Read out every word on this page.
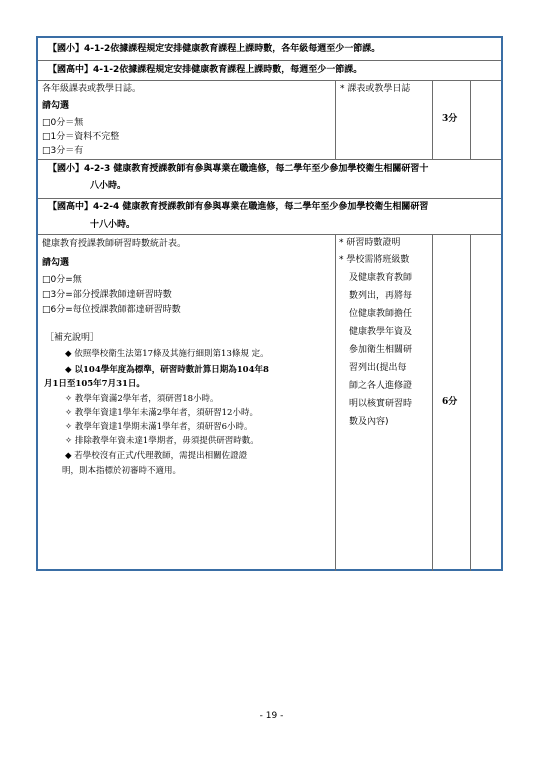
【國小】4-1-2依據課程規定安排健康教育課程上課時數，各年級每週至少一節課。
【國高中】4-1-2依據課程規定安排健康教育課程上課時數，每週至少一節課。
各年級課表或教學日誌。	* 課表或教學日誌
3分
請勾選
□0分＝無
□1分＝資料不完整
□3分＝有
【國小】4-2-3 健康教育授課教師有參與專業在職進修，每二學年至少參加學校衛生相關研習十
八小時。
【國高中】4-2-4 健康教育授課教師有參與專業在職進修，每二學年至少參加學校衛生相關研習
十八小時。
健康教育授課教師研習時數統計表。
請勾選
□0分=無
□3分=部分授課教師達研習時數
□6分=每位授課教師都達研習時數
［補充說明］
◆ 依照學校衛生法第17條及其施行細則第13條規 定。
◆ 以104學年度為標準，研習時數計算日期為104年8
月1日至105年7月31日。
✧ 教學年資滿2學年者，須研習18小時。
✧ 教學年資達1學年未滿2學年者，須研習12小時。
✧ 教學年資達1學期未滿1學年者，須研習6小時。
✧ 排除教學年資未達1學期者，毋須提供研習時數。
◆ 若學校沒有正式/代理教師，需提出相關佐證證
明，則本指標於初審時不適用。
* 研習時數證明
* 學校需將班級數
及健康教育教師
數列出，再將每
位健康教師擔任
健康教學年資及
參加衛生相關研
習列出(提出每
師之各人進修證
明以核實研習時
數及內容)
6分
- 19 -
